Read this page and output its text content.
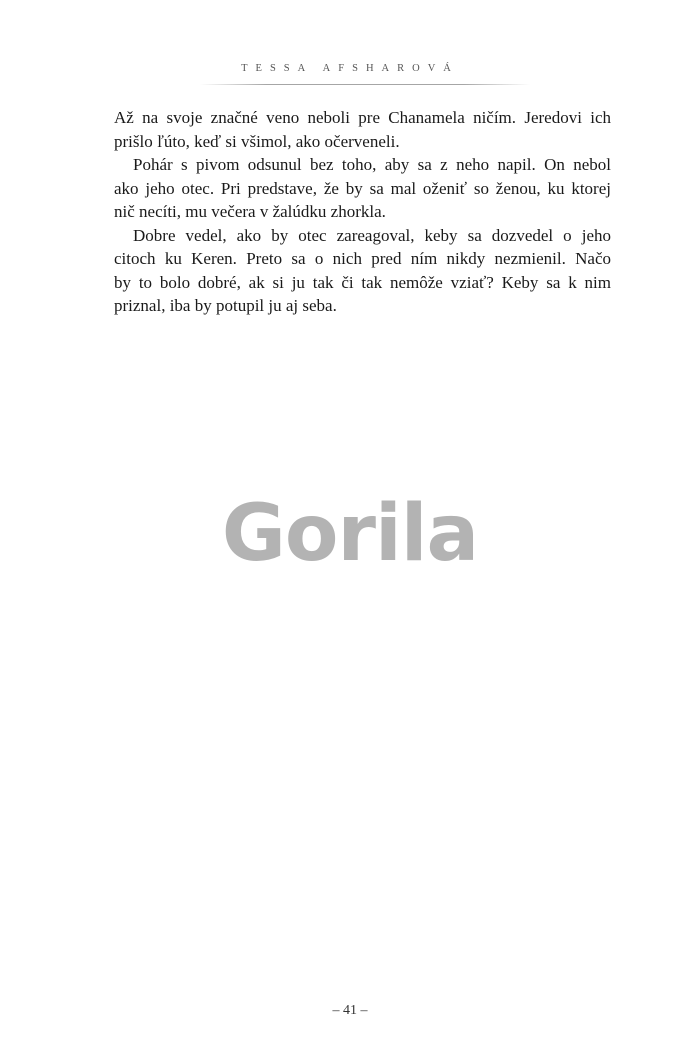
TESSA AFSHAROVÁ

Až na svoje značné veno neboli pre Chanamela ničím. Jeredovi ich
prišlo ľúto, keď si všimol, ako očerveneli.

Pohár s pivom odsunul bez toho, aby sa z neho napil. On nebol
ako jeho otec. Pri predstave, že by sa mal oženiť so ženou, ku ktorej
nič necíti, mu večera v žalúdku zhorkla.

Dobre vedel, ako by otec zareagoval, keby sa dozvedel o jeho
citoch ku Keren. Preto sa o nich pred ním nikdy nezmienil. Načo
by to bolo dobré, ak si ju tak či tak nemôže vziať? Keby sa k nim
priznal, iba by potupil ju aj seba.

Gorila
– 41 –
